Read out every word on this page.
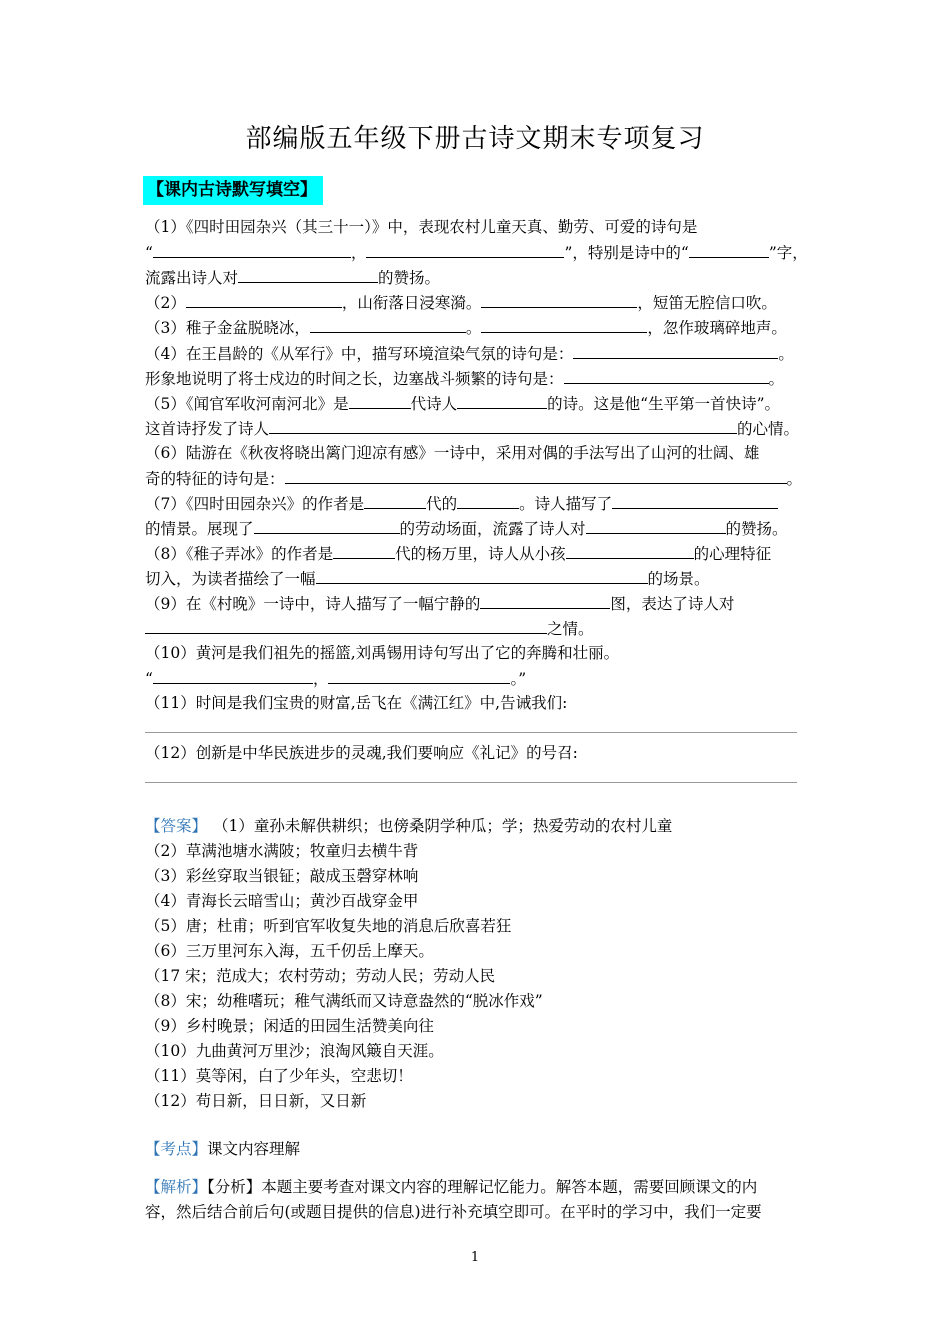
部编版五年级下册古诗文期末专项复习
【课内古诗默写填空】
（1）《四时田园杂兴（其三十一）》中，表现农村儿童天真、勤劳、可爱的诗句是
“	，	”，特别是诗中的“	”字，
流露出诗人对	的赞扬。
（2）	，山衔落日浸寒漪。	，短笛无腔信口吹。
（3）稚子金盆脱晓冰，	。	，忽作玻璃碎地声。
（4）在王昌龄的《从军行》中，描写环境渲染气氛的诗句是：	。
形象地说明了将士戍边的时间之长，边塞战斗频繁的诗句是：	。
（5）《闻官军收河南河北》是	代诗人	的诗。这是他“生平第一首快诗”。
这首诗抒发了诗人	的心情。
（6）陆游在《秋夜将晓出篱门迎凉有感》一诗中，采用对偶的手法写出了山河的壮阔、雄
奇的特征的诗句是：	。
（7）《四时田园杂兴》的作者是	代的	。诗人描写了
的情景。展现了	的劳动场面，流露了诗人对	的赞扬。
（8）《稚子弄冰》的作者是	代的杨万里，诗人从小孩	的心理特征
切入，为读者描绘了一幅	的场景。
（9）在《村晚》一诗中，诗人描写了一幅宁静的	图，表达了诗人对
之情。
（10）黄河是我们祖先的摇篮,刘禹锡用诗句写出了它的奔腾和壮丽。
“	，	。”
（11）时间是我们宝贵的财富,岳飞在《满江红》中,告诫我们:
（12）创新是中华民族进步的灵魂,我们要响应《礼记》的号召:
【答案】 （1）童孙未解供耕织；也傍桑阴学种瓜；学；热爱劳动的农村儿童
（2）草满池塘水满陂；牧童归去横牛背
（3）彩丝穿取当银钲；敲成玉磬穿林响
（4）青海长云暗雪山；黄沙百战穿金甲
（5）唐；杜甫；听到官军收复失地的消息后欣喜若狂
（6）三万里河东入海，五千仞岳上摩天。
（17 宋；范成大；农村劳动；劳动人民；劳动人民
（8）宋；幼稚嗜玩；稚气满纸而又诗意盎然的“脱冰作戏”
（9）乡村晚景；闲适的田园生活赞美向往
（10）九曲黄河万里沙；浪淘风簸自天涯。
（11）莫等闲，白了少年头，空悲切！
（12）苟日新，日日新，又日新
【考点】课文内容理解
【解析】【分析】本题主要考查对课文内容的理解记忆能力。解答本题，需要回顾课文的内
容，然后结合前后句(或题目提供的信息)进行补充填空即可。在平时的学习中，我们一定要
1
